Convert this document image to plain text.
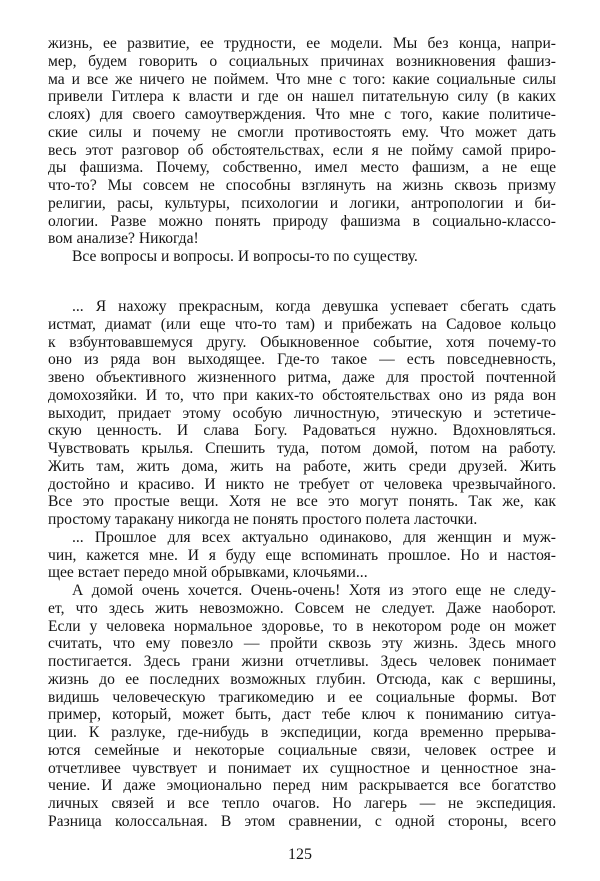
жизнь, ее развитие, ее трудности, ее модели. Мы без конца, напри-
мер, будем говорить о социальных причинах возникновения фашиз-
ма и все же ничего не поймем. Что мне с того: какие социальные силы
привели Гитлера к власти и где он нашел питательную силу (в каких
слоях) для своего самоутверждения. Что мне с того, какие политиче-
ские силы и почему не смогли противостоять ему. Что может дать
весь этот разговор об обстоятельствах, если я не пойму самой приро-
ды фашизма. Почему, собственно, имел место фашизм, а не еще
что-то? Мы совсем не способны взглянуть на жизнь сквозь призму
религии, расы, культуры, психологии и логики, антропологии и би-
ологии. Разве можно понять природу фашизма в социально-классо-
вом анализе? Никогда!
Все вопросы и вопросы. И вопросы-то по существу.
... Я нахожу прекрасным, когда девушка успевает сбегать сдать
истмат, диамат (или еще что-то там) и прибежать на Садовое кольцо
к взбунтовавшемуся другу. Обыкновенное событие, хотя почему-то
оно из ряда вон выходящее. Где-то такое — есть повседневность,
звено объективного жизненного ритма, даже для простой почтенной
домохозяйки. И то, что при каких-то обстоятельствах оно из ряда вон
выходит, придает этому особую личностную, этическую и эстетиче-
скую ценность. И слава Богу. Радоваться нужно. Вдохновляться.
Чувствовать крылья. Спешить туда, потом домой, потом на работу.
Жить там, жить дома, жить на работе, жить среди друзей. Жить
достойно и красиво. И никто не требует от человека чрезвычайного.
Все это простые вещи. Хотя не все это могут понять. Так же, как
простому таракану никогда не понять простого полета ласточки.
... Прошлое для всех актуально одинаково, для женщин и муж-
чин, кажется мне. И я буду еще вспоминать прошлое. Но и настоя-
щее встает передо мной обрывками, клочьями...
А домой очень хочется. Очень-очень! Хотя из этого еще не следу-
ет, что здесь жить невозможно. Совсем не следует. Даже наоборот.
Если у человека нормальное здоровье, то в некотором роде он может
считать, что ему повезло — пройти сквозь эту жизнь. Здесь много
постигается. Здесь грани жизни отчетливы. Здесь человек понимает
жизнь до ее последних возможных глубин. Отсюда, как с вершины,
видишь человеческую трагикомедию и ее социальные формы. Вот
пример, который, может быть, даст тебе ключ к пониманию ситуа-
ции. К разлуке, где-нибудь в экспедиции, когда временно прерыва-
ются семейные и некоторые социальные связи, человек острее и
отчетливее чувствует и понимает их сущностное и ценностное зна-
чение. И даже эмоционально перед ним раскрывается все богатство
личных связей и все тепло очагов. Но лагерь — не экспедиция.
Разница колоссальная. В этом сравнении, с одной стороны, всего
125
